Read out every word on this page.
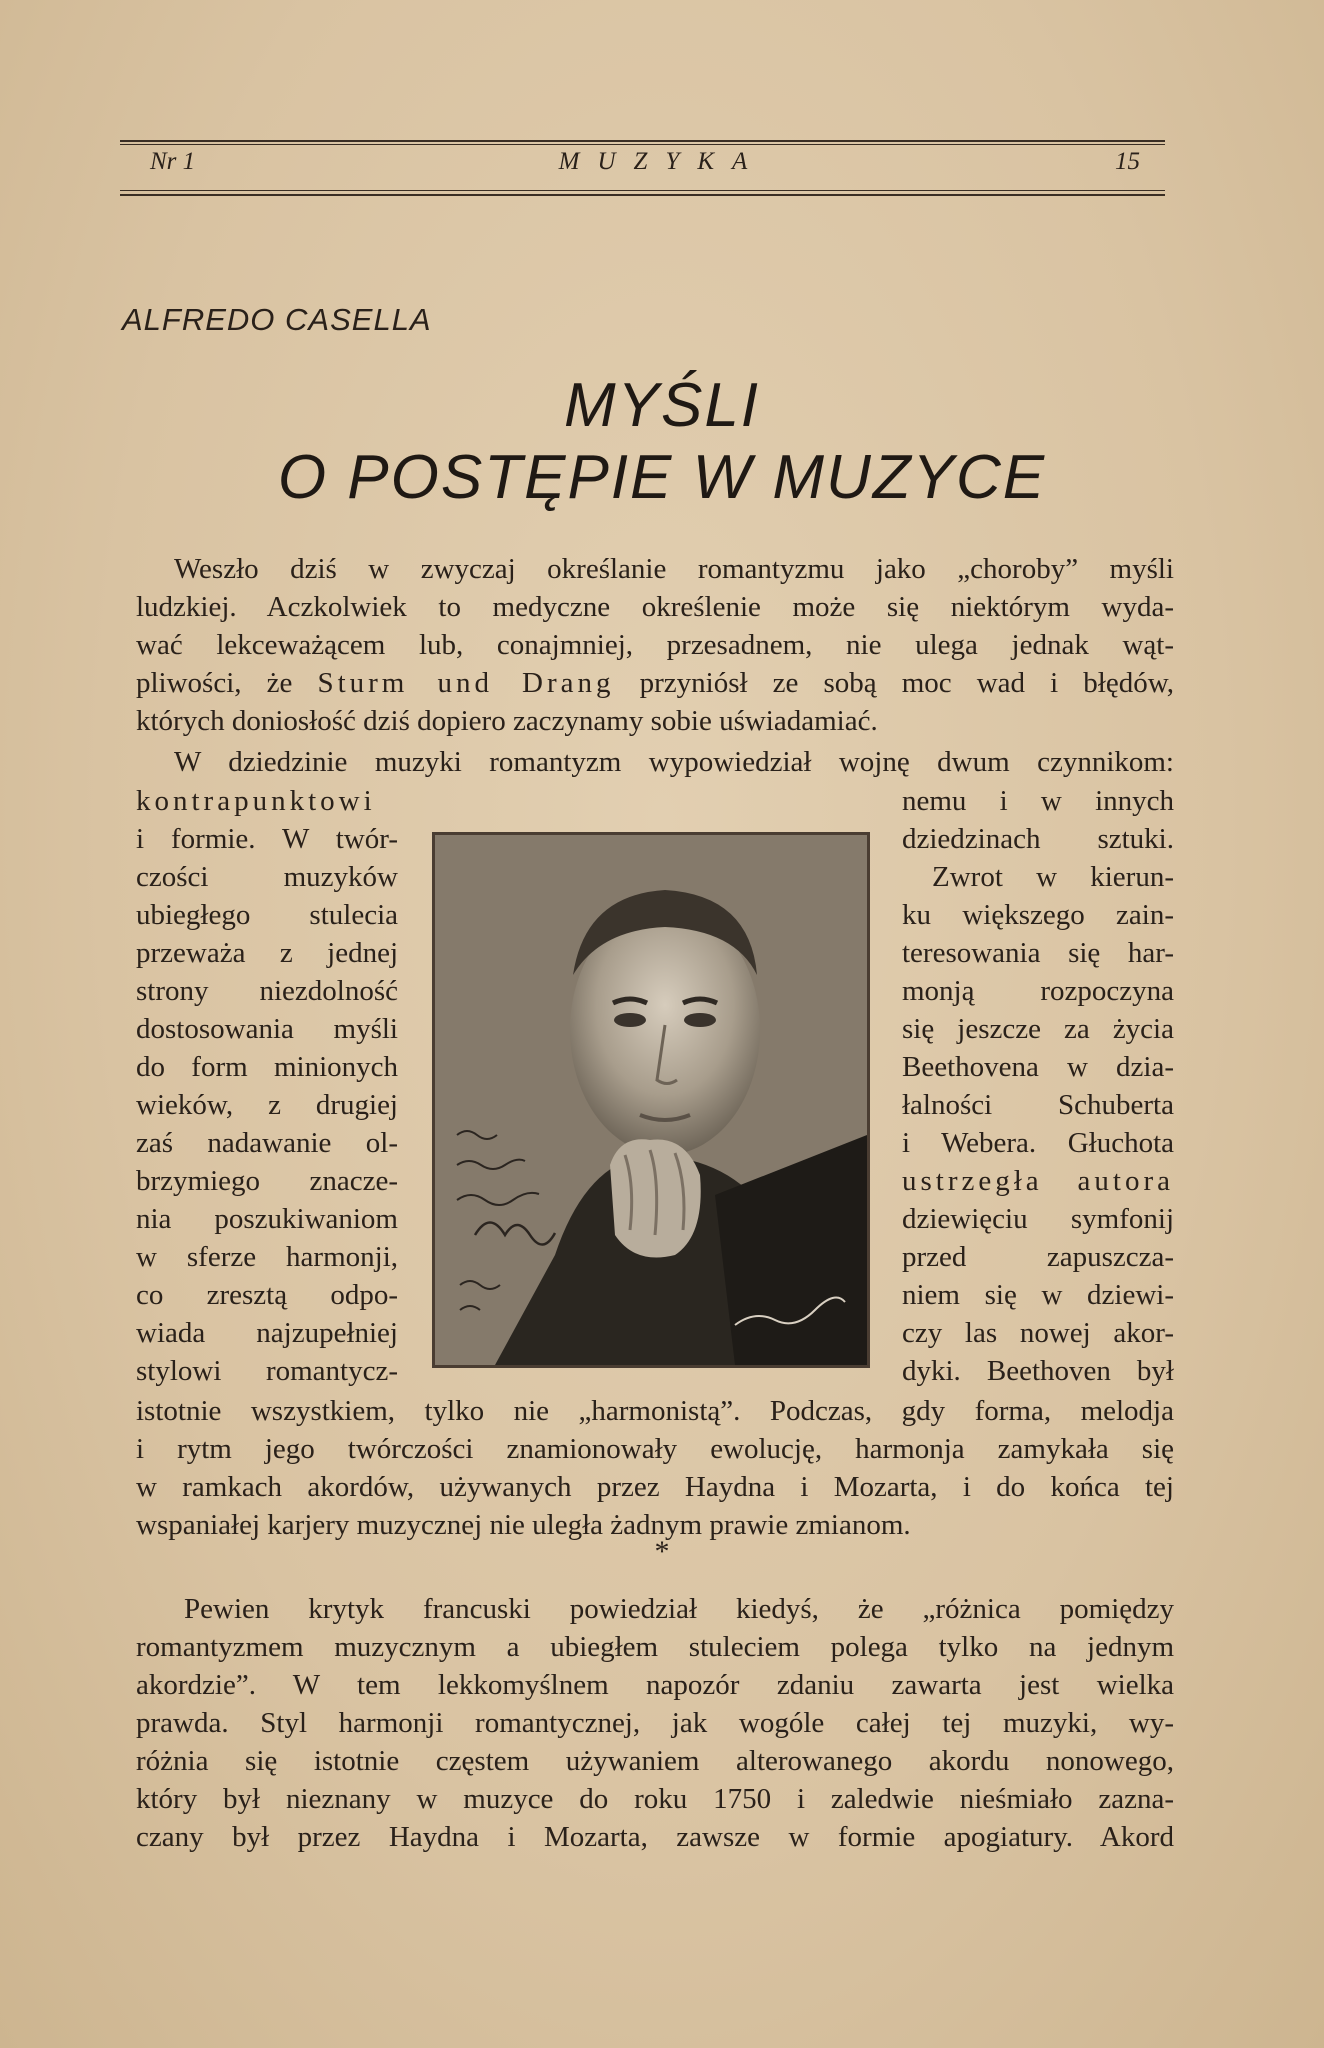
Nr 1	MUZYKA	15
ALFREDO CASELLA
MYŚLI
O POSTĘPIE W MUZYCE
Weszło dziś w zwyczaj określanie romantyzmu jako „choroby” myśli
ludzkiej. Aczkolwiek to medyczne określenie może się niektórym wyda-
wać lekceważącem lub, conajmniej, przesadnem, nie ulega jednak wąt-
pliwości, że Sturm und Drang przyniósł ze sobą moc wad i błędów,
których doniosłość dziś dopiero zaczynamy sobie uświadamiać.
W dziedzinie muzyki romantyzm wypowiedział wojnę dwum czynnikom:
kontrapunktowi
i formie. W twór-
czości muzyków
ubiegłego stulecia
przeważa z jednej
strony niezdolność
dostosowania myśli
do form minionych
wieków, z drugiej
zaś nadawanie ol-
brzymiego znacze-
nia poszukiwaniom
w sferze harmonji,
co zresztą odpo-
wiada najzupełniej
stylowi romantycz-
nemu i w innych
dziedzinach sztuki.
Zwrot w kierun-
ku większego zain-
teresowania się har-
monją rozpoczyna
się jeszcze za życia
Beethovena w dzia-
łalności Schuberta
i Webera. Głuchota
ustrzegła autora
dziewięciu symfonij
przed zapuszcza-
niem się w dziewi-
czy las nowej akor-
dyki. Beethoven był
istotnie wszystkiem, tylko nie „harmonistą”. Podczas, gdy forma, melodja
i rytm jego twórczości znamionowały ewolucję, harmonja zamykała się
w ramkach akordów, używanych przez Haydna i Mozarta, i do końca tej
wspaniałej karjery muzycznej nie uległa żadnym prawie zmianom.
*
Pewien krytyk francuski powiedział kiedyś, że „różnica pomiędzy
romantyzmem muzycznym a ubiegłem stuleciem polega tylko na jednym
akordzie”. W tem lekkomyślnem napozór zdaniu zawarta jest wielka
prawda. Styl harmonji romantycznej, jak wogóle całej tej muzyki, wy-
różnia się istotnie częstem używaniem alterowanego akordu nonowego,
który był nieznany w muzyce do roku 1750 i zaledwie nieśmiało zazna-
czany był przez Haydna i Mozarta, zawsze w formie apogiatury. Akord
